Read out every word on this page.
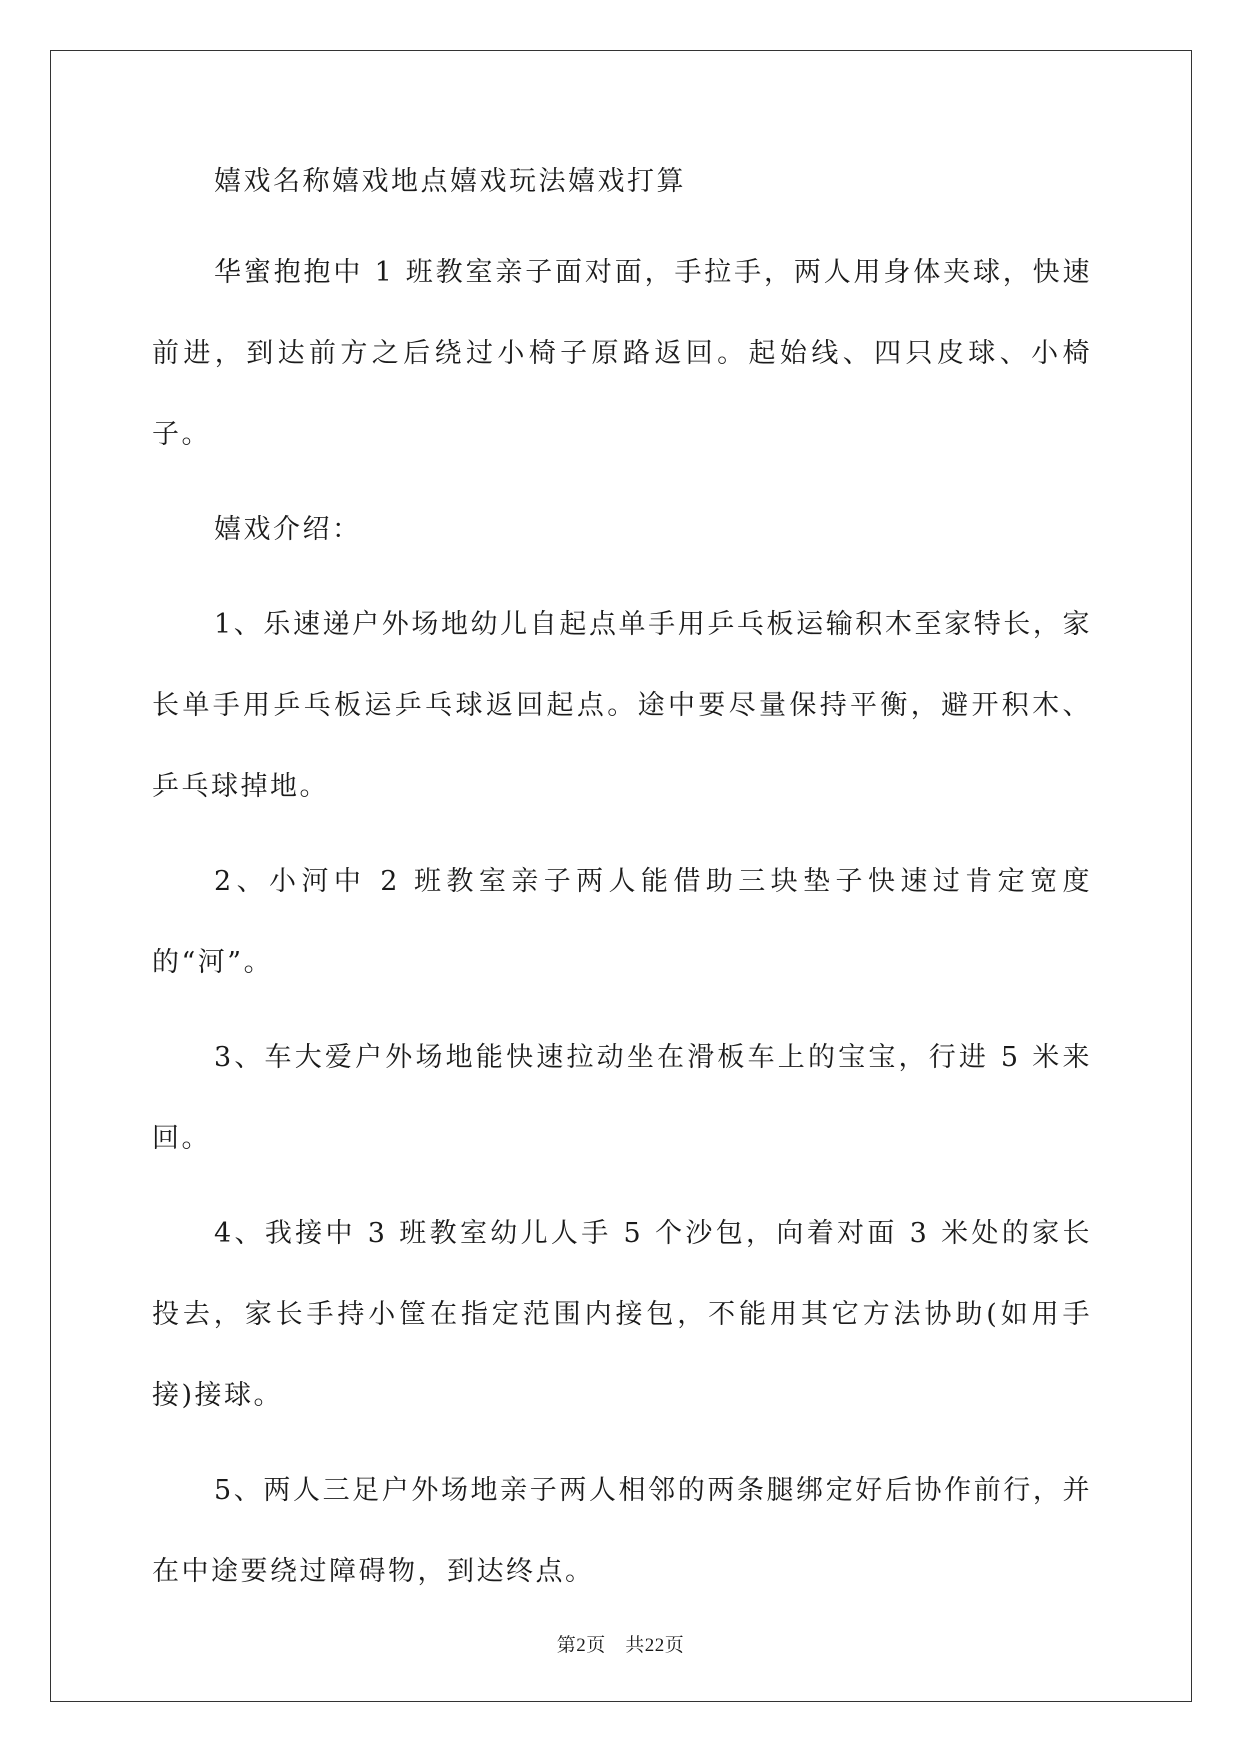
嬉戏名称嬉戏地点嬉戏玩法嬉戏打算

华蜜抱抱中 1 班教室亲子面对面，手拉手，两人用身体夹球，快速前进，到达前方之后绕过小椅子原路返回。起始线、四只皮球、小椅子。

嬉戏介绍：

1、乐速递户外场地幼儿自起点单手用乒乓板运输积木至家特长，家长单手用乒乓板运乒乓球返回起点。途中要尽量保持平衡，避开积木、乒乓球掉地。

2、小河中 2 班教室亲子两人能借助三块垫子快速过肯定宽度的“河”。

3、车大爱户外场地能快速拉动坐在滑板车上的宝宝，行进 5 米来回。

4、我接中 3 班教室幼儿人手 5 个沙包，向着对面 3 米处的家长投去，家长手持小筐在指定范围内接包，不能用其它方法协助(如用手接)接球。

5、两人三足户外场地亲子两人相邻的两条腿绑定好后协作前行，并在中途要绕过障碍物，到达终点。

第2页　共22页
